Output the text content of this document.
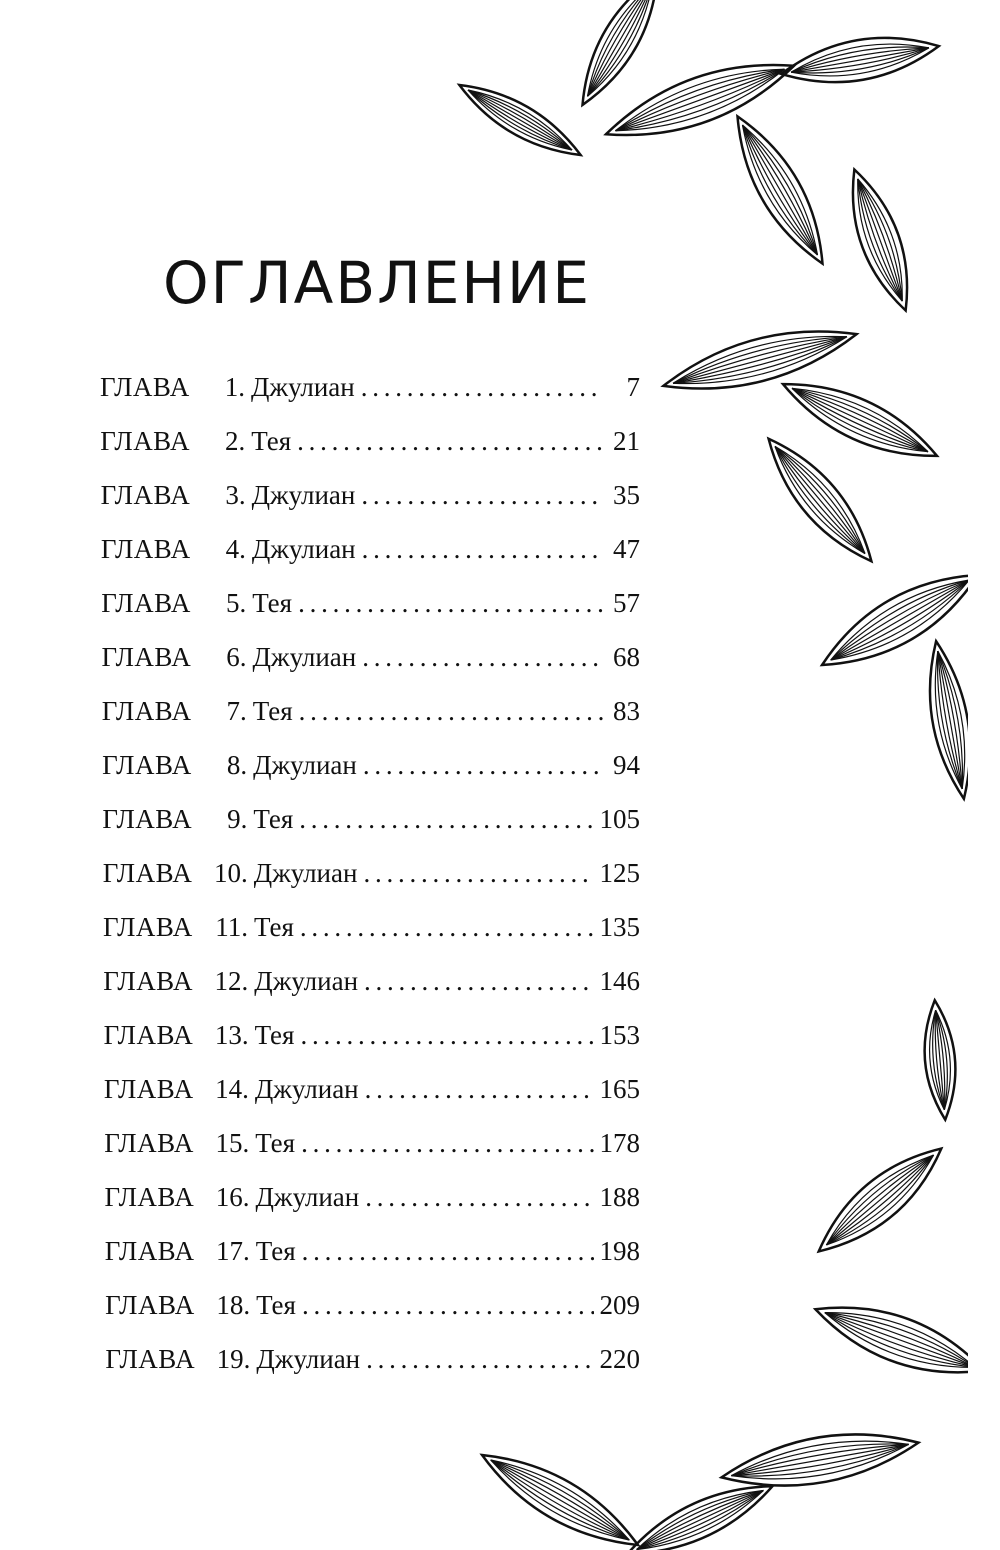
ОГЛАВЛЕНИЕ
ГЛАВА	1. Джулиан . . .	7
ГЛАВА	2. Тея . . .	21
ГЛАВА	3. Джулиан . . .	35
ГЛАВА	4. Джулиан . . .	47
ГЛАВА	5. Тея . . .	57
ГЛАВА	6. Джулиан . . .	68
ГЛАВА	7. Тея . . .	83
ГЛАВА	8. Джулиан . . .	94
ГЛАВА	9. Тея . . .	105
ГЛАВА 10. Джулиан . . .	125
ГЛАВА 11. Тея . . .	135
ГЛАВА 12. Джулиан . . .	146
ГЛАВА 13. Тея . . .	153
ГЛАВА 14. Джулиан . . .	165
ГЛАВА 15. Тея . . .	178
ГЛАВА 16. Джулиан . . .	188
ГЛАВА 17. Тея . . .	198
ГЛАВА 18. Тея . . .	209
ГЛАВА 19. Джулиан . . .	220
